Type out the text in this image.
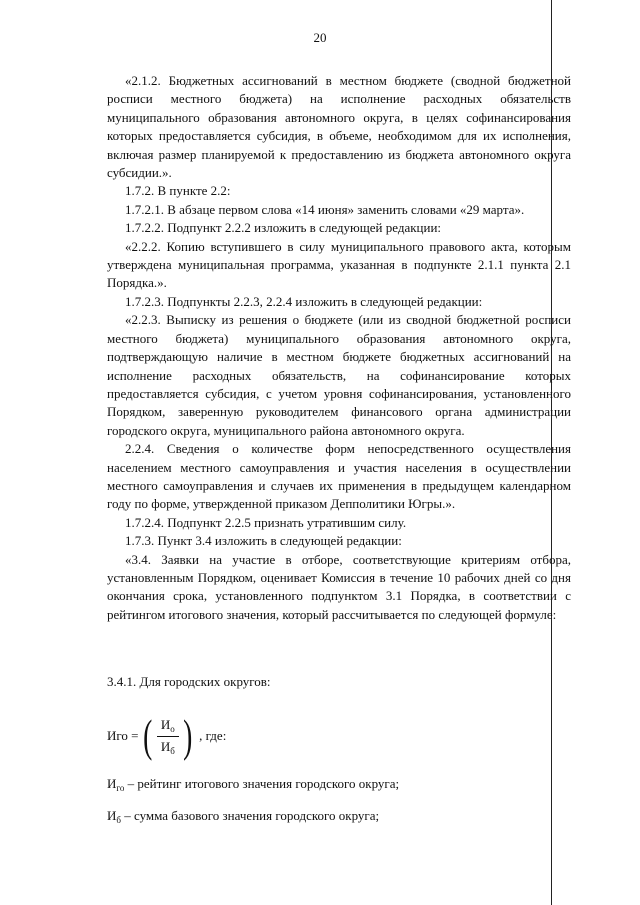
20

«2.1.2. Бюджетных ассигнований в местном бюджете (сводной бюджетной росписи местного бюджета) на исполнение расходных обязательств муниципального образования автономного округа, в целях софинансирования которых предоставляется субсидия, в объеме, необходимом для их исполнения, включая размер планируемой к предоставлению из бюджета автономного округа субсидии.».

1.7.2. В пункте 2.2:

1.7.2.1. В абзаце первом слова «14 июня» заменить словами «29 марта».

1.7.2.2. Подпункт 2.2.2 изложить в следующей редакции:

«2.2.2. Копию вступившего в силу муниципального правового акта, которым утверждена муниципальная программа, указанная в подпункте 2.1.1 пункта 2.1 Порядка.».

1.7.2.3. Подпункты 2.2.3, 2.2.4 изложить в следующей редакции:

«2.2.3. Выписку из решения о бюджете (или из сводной бюджетной росписи местного бюджета) муниципального образования автономного округа, подтверждающую наличие в местном бюджете бюджетных ассигнований на исполнение расходных обязательств, на софинансирование которых предоставляется субсидия, с учетом уровня софинансирования, установленного Порядком, заверенную руководителем финансового органа администрации городского округа, муниципального района автономного округа.

2.2.4. Сведения о количестве форм непосредственного осуществления населением местного самоуправления и участия населения в осуществлении местного самоуправления и случаев их применения в предыдущем календарном году по форме, утвержденной приказом Депполитики Югры.».

1.7.2.4. Подпункт 2.2.5 признать утратившим силу.

1.7.3. Пункт 3.4 изложить в следующей редакции:

«3.4. Заявки на участие в отборе, соответствующие критериям отбора, установленным Порядком, оценивает Комиссия в течение 10 рабочих дней со дня окончания срока, установленного подпунктом 3.1 Порядка, в соответствии с рейтингом итогового значения, который рассчитывается по следующей формуле:

3.4.1. Для городских округов:
Иго = ( $\frac{И_о}{И_б}$ ) , где:
$И_{го}$ – рейтинг итогового значения городского округа;
$И_б$ – сумма базового значения городского округа;
